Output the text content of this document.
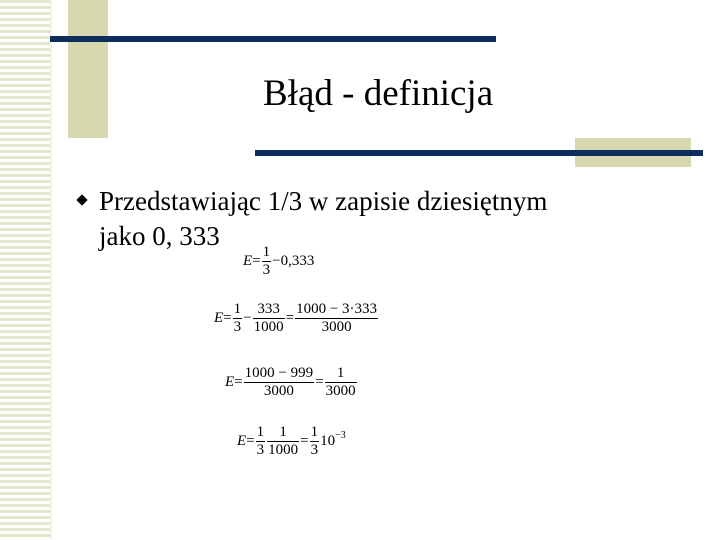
Błąd - definicja
Przedstawiając 1/3 w zapisie dziesiętnym
jako 0, 333
$E= \frac{1}{3} -0,333$
$E= \frac{1}{3} - \frac{333}{1000} = \frac{1000 - 3\cdot 333}{3000}$
$E= \frac{1000 - 999}{3000} = \frac{1}{3000}$
$E= \frac{1}{3} \frac{1}{1000} = \frac{1}{3} 10^{-3}$
